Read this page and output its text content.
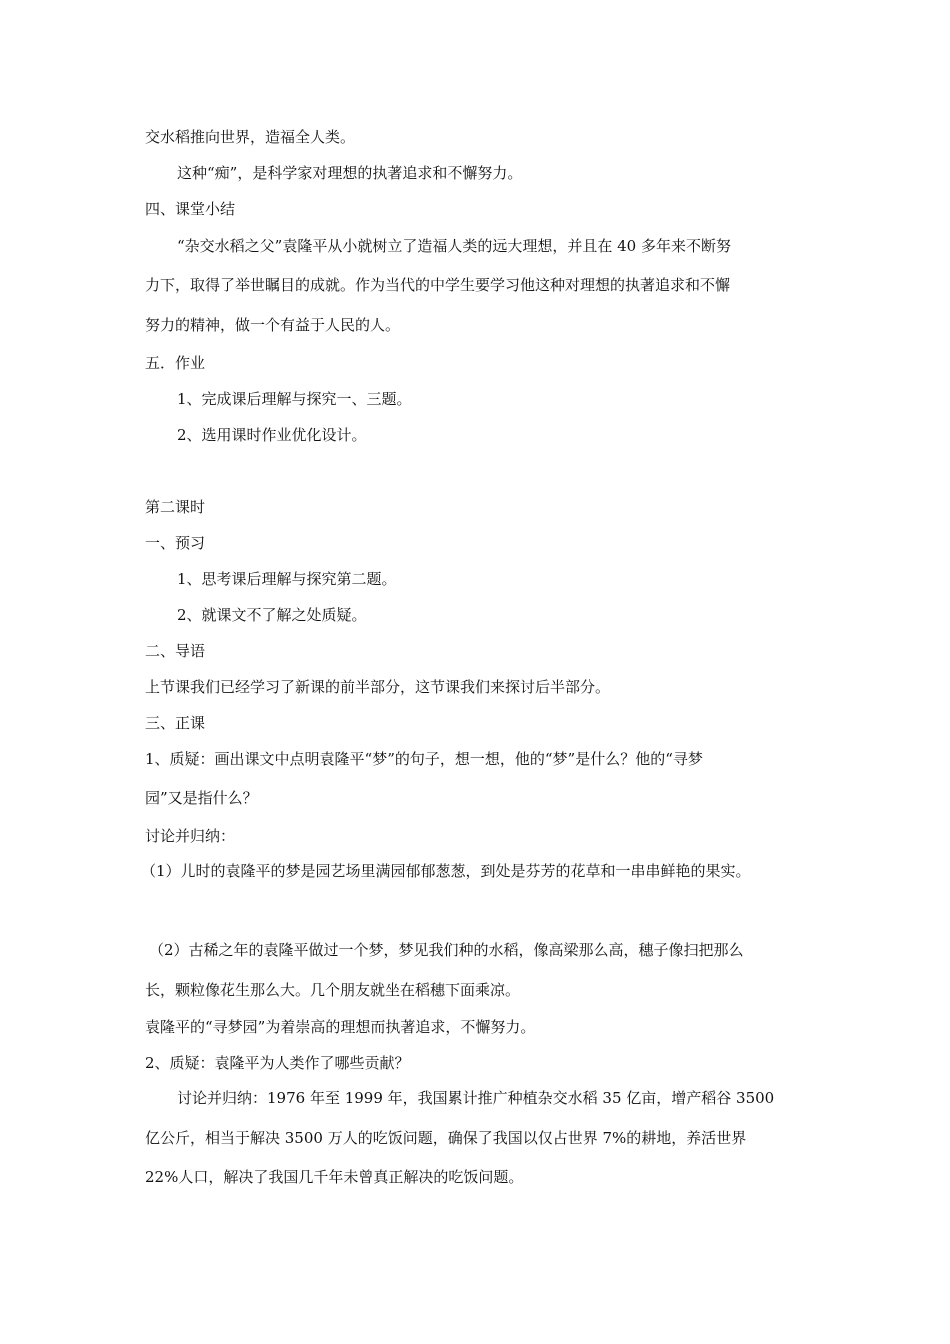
交水稻推向世界，造福全人类。

这种“痴”，是科学家对理想的执著追求和不懈努力。

四、课堂小结

“杂交水稻之父”袁隆平从小就树立了造福人类的远大理想，并且在 40 多年来不断努

力下，取得了举世瞩目的成就。作为当代的中学生要学习他这种对理想的执著追求和不懈

努力的精神，做一个有益于人民的人。

五．作业

1、完成课后理解与探究一、三题。

2、选用课时作业优化设计。

第二课时

一、预习

1、思考课后理解与探究第二题。

2、就课文不了解之处质疑。

二、导语

上节课我们已经学习了新课的前半部分，这节课我们来探讨后半部分。

三、正课

1、质疑：画出课文中点明袁隆平“梦”的句子，想一想，他的“梦”是什么？他的“寻梦

园”又是指什么？

讨论并归纳：

（1）儿时的袁隆平的梦是园艺场里满园郁郁葱葱，到处是芬芳的花草和一串串鲜艳的果实。

（2）古稀之年的袁隆平做过一个梦，梦见我们种的水稻，像高梁那么高，穗子像扫把那么

长，颗粒像花生那么大。几个朋友就坐在稻穗下面乘凉。

袁隆平的“寻梦园”为着崇高的理想而执著追求，不懈努力。

2、质疑：袁隆平为人类作了哪些贡献？

讨论并归纳：1976 年至 1999 年，我国累计推广种植杂交水稻 35 亿亩，增产稻谷 3500

亿公斤，相当于解决 3500 万人的吃饭问题，确保了我国以仅占世界 7%的耕地，养活世界

22%人口，解决了我国几千年未曾真正解决的吃饭问题。
